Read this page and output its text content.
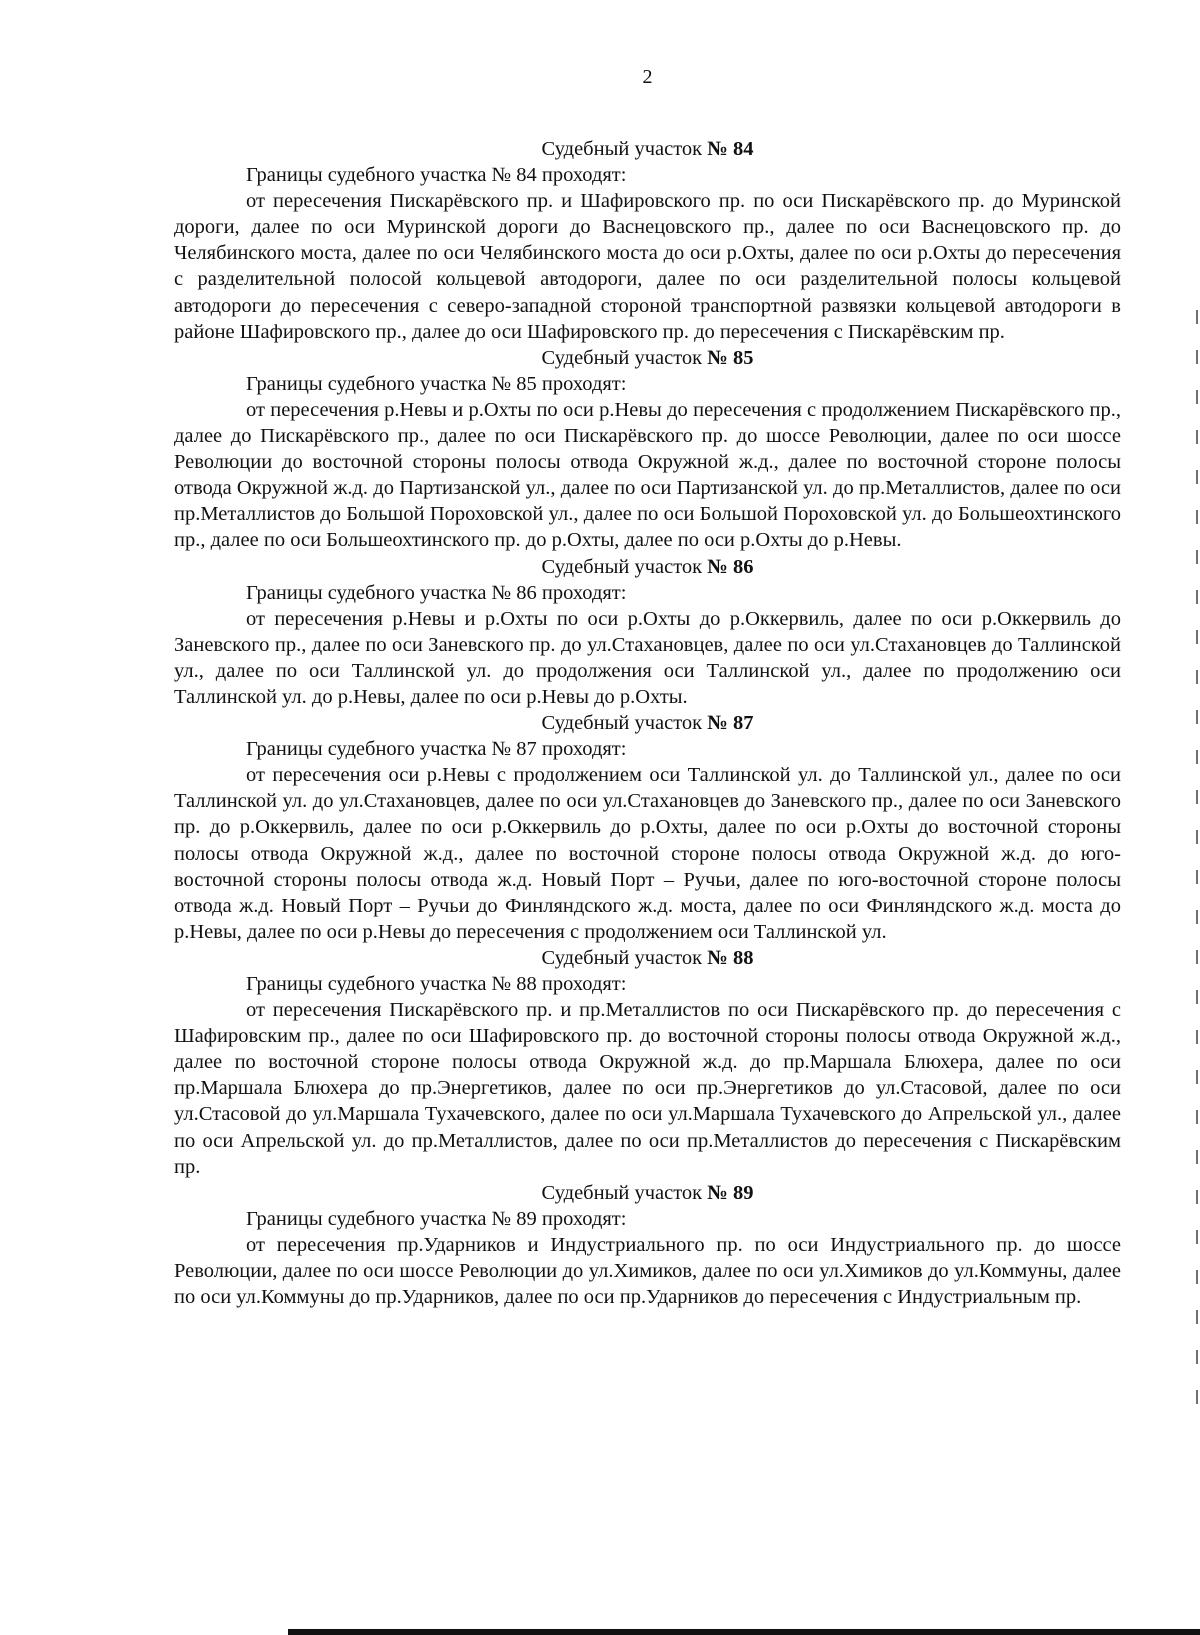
2

Судебный участок № 84

Границы судебного участка № 84 проходят:

от пересечения Пискарёвского пр. и Шафировского пр. по оси Пискарёвского пр. до Муринской дороги, далее по оси Муринской дороги до Васнецовского пр., далее по оси Васнецовского пр. до Челябинского моста, далее по оси Челябинского моста до оси р.Охты, далее по оси р.Охты до пересечения с разделительной полосой кольцевой автодороги, далее по оси разделительной полосы кольцевой автодороги до пересечения с северо-западной стороной транспортной развязки кольцевой автодороги в районе Шафировского пр., далее до оси Шафировского пр. до пересечения с Пискарёвским пр.

Судебный участок № 85

Границы судебного участка № 85 проходят:

от пересечения р.Невы и р.Охты по оси р.Невы до пересечения с продолжением Пискарёвского пр., далее до Пискарёвского пр., далее по оси Пискарёвского пр. до шоссе Революции, далее по оси шоссе Революции до восточной стороны полосы отвода Окружной ж.д., далее по восточной стороне полосы отвода Окружной ж.д. до Партизанской ул., далее по оси Партизанской ул. до пр.Металлистов, далее по оси пр.Металлистов до Большой Пороховской ул., далее по оси Большой Пороховской ул. до Большеохтинского пр., далее по оси Большеохтинского пр. до р.Охты, далее по оси р.Охты до р.Невы.

Судебный участок № 86

Границы судебного участка № 86 проходят:

от пересечения р.Невы и р.Охты по оси р.Охты до р.Оккервиль, далее по оси р.Оккервиль до Заневского пр., далее по оси Заневского пр. до ул.Стахановцев, далее по оси ул.Стахановцев до Таллинской ул., далее по оси Таллинской ул. до продолжения оси Таллинской ул., далее по продолжению оси Таллинской ул. до р.Невы, далее по оси р.Невы до р.Охты.

Судебный участок № 87

Границы судебного участка № 87 проходят:

от пересечения оси р.Невы с продолжением оси Таллинской ул. до Таллинской ул., далее по оси Таллинской ул. до ул.Стахановцев, далее по оси ул.Стахановцев до Заневского пр., далее по оси Заневского пр. до р.Оккервиль, далее по оси р.Оккервиль до р.Охты, далее по оси р.Охты до восточной стороны полосы отвода Окружной ж.д., далее по восточной стороне полосы отвода Окружной ж.д. до юго-восточной стороны полосы отвода ж.д. Новый Порт – Ручьи, далее по юго-восточной стороне полосы отвода ж.д. Новый Порт – Ручьи до Финляндского ж.д. моста, далее по оси Финляндского ж.д. моста до р.Невы, далее по оси р.Невы до пересечения с продолжением оси Таллинской ул.

Судебный участок № 88

Границы судебного участка № 88 проходят:

от пересечения Пискарёвского пр. и пр.Металлистов по оси Пискарёвского пр. до пересечения с Шафировским пр., далее по оси Шафировского пр. до восточной стороны полосы отвода Окружной ж.д., далее по восточной стороне полосы отвода Окружной ж.д. до пр.Маршала Блюхера, далее по оси пр.Маршала Блюхера до пр.Энергетиков, далее по оси пр.Энергетиков до ул.Стасовой, далее по оси ул.Стасовой до ул.Маршала Тухачевского, далее по оси ул.Маршала Тухачевского до Апрельской ул., далее по оси Апрельской ул. до пр.Металлистов, далее по оси пр.Металлистов до пересечения с Пискарёвским пр.

Судебный участок № 89

Границы судебного участка № 89 проходят:

от пересечения пр.Ударников и Индустриального пр. по оси Индустриального пр. до шоссе Революции, далее по оси шоссе Революции до ул.Химиков, далее по оси ул.Химиков до ул.Коммуны, далее по оси ул.Коммуны до пр.Ударников, далее по оси пр.Ударников до пересечения с Индустриальным пр.
